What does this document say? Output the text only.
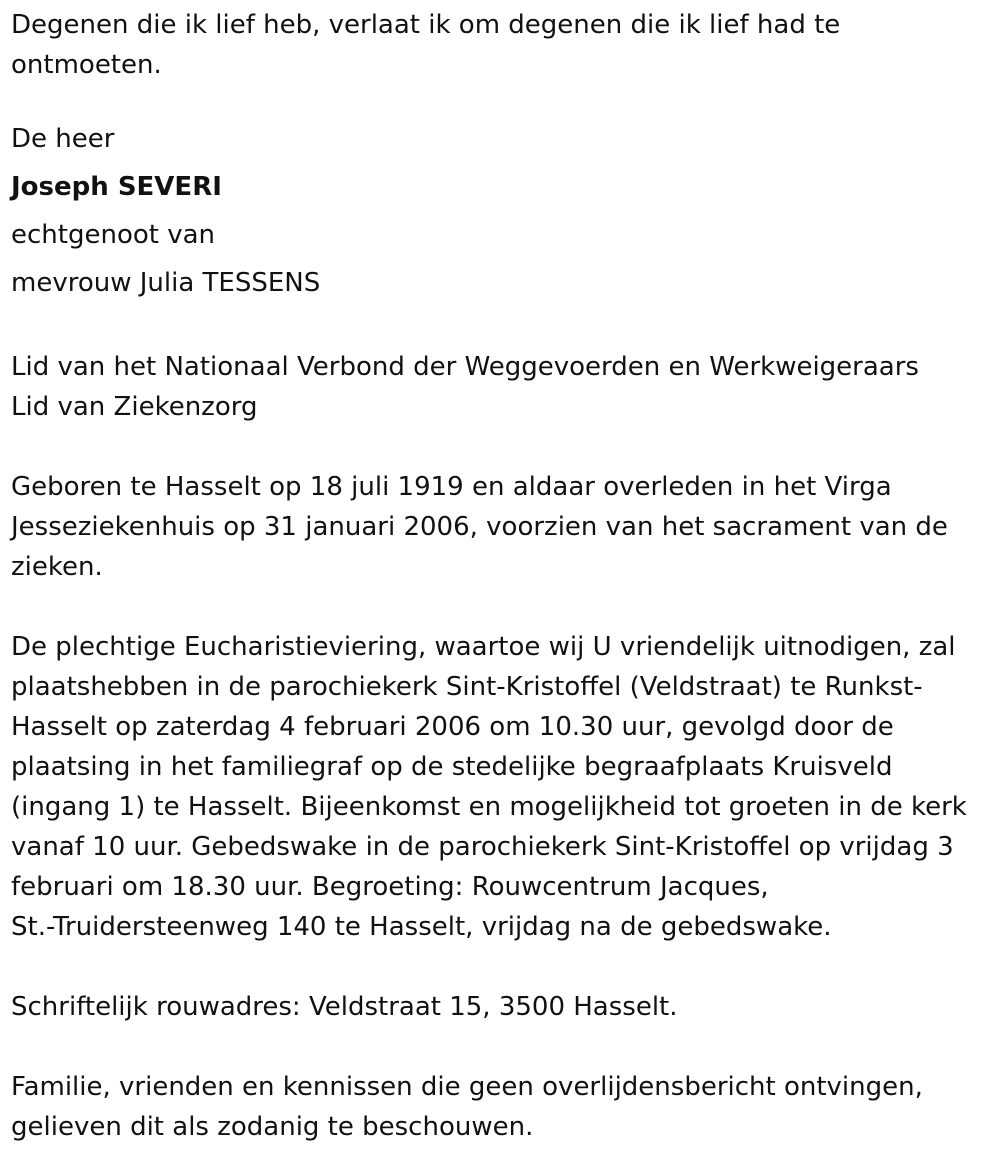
Degenen die ik lief heb, verlaat ik om degenen die ik lief had te
ontmoeten.
De heer
Joseph SEVERI
echtgenoot van
mevrouw Julia TESSENS
Lid van het Nationaal Verbond der Weggevoerden en Werkweigeraars
Lid van Ziekenzorg
Geboren te Hasselt op 18 juli 1919 en aldaar overleden in het Virga
Jesseziekenhuis op 31 januari 2006, voorzien van het sacrament van de
zieken.
De plechtige Eucharistieviering, waartoe wij U vriendelijk uitnodigen, zal
plaatshebben in de parochiekerk Sint-Kristoffel (Veldstraat) te Runkst-
Hasselt op zaterdag 4 februari 2006 om 10.30 uur, gevolgd door de
plaatsing in het familiegraf op de stedelijke begraafplaats Kruisveld
(ingang 1) te Hasselt. Bijeenkomst en mogelijkheid tot groeten in de kerk
vanaf 10 uur. Gebedswake in de parochiekerk Sint-Kristoffel op vrijdag 3
februari om 18.30 uur. Begroeting: Rouwcentrum Jacques,
St.-Truidersteenweg 140 te Hasselt, vrijdag na de gebedswake.
Schriftelijk rouwadres: Veldstraat 15, 3500 Hasselt.
Familie, vrienden en kennissen die geen overlijdensbericht ontvingen,
gelieven dit als zodanig te beschouwen.
